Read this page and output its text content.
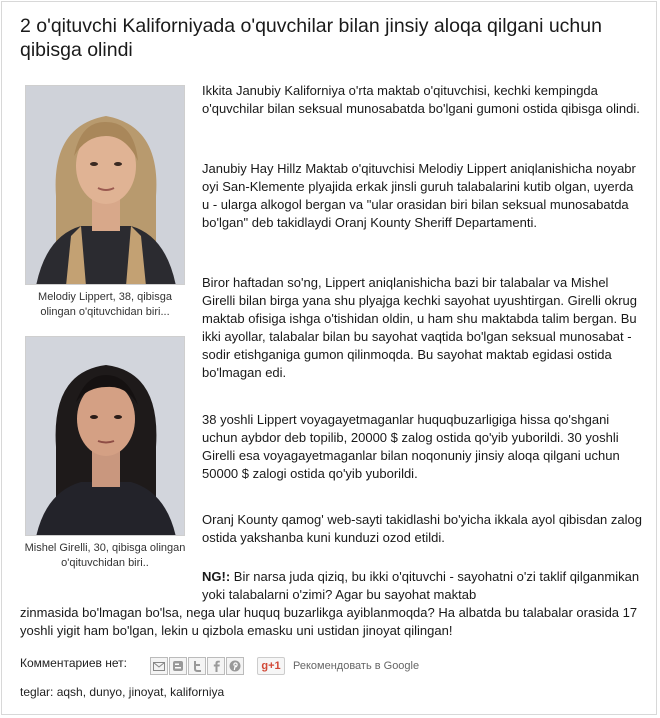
2 o'qituvchi Kaliforniyada o'quvchilar bilan jinsiy aloqa qilgani uchun qibisga olindi
Melodiy Lippert, 38, qibisga olingan o'qituvchidan biri...
Mishel Girelli, 30, qibisga olingan o'qituvchidan biri..

Ikkita Janubiy Kaliforniya o'rta maktab o'qituvchisi, kechki kempingda o'quvchilar bilan seksual munosabatda bo'lgani gumoni ostida qibisga olindi.

Janubiy Hay Hillz Maktab o'qituvchisi Melodiy Lippert aniqlanishicha noyabr oyi San-Klemente plyajida erkak jinsli guruh talabalarini kutib olgan, uyerda u - ularga alkogol bergan va "ular orasidan biri bilan seksual munosabatda bo'lgan" deb takidlaydi Oranj Kounty Sheriff Departamenti.

Biror haftadan so'ng, Lippert aniqlanishicha bazi bir talabalar va Mishel Girelli bilan birga yana shu plyajga kechki sayohat uyushtirgan. Girelli okrug maktab ofisiga ishga o'tishidan oldin, u ham shu maktabda talim bergan. Bu ikki ayollar, talabalar bilan bu sayohat vaqtida bo'lgan seksual munosabat - sodir etishganiga gumon qilinmoqda. Bu sayohat maktab egidasi ostida bo'lmagan edi.

38 yoshli Lippert voyagayetmaganlar huquqbuzarligiga hissa qo'shgani uchun aybdor deb topilib, 20000 $ zalog ostida qo'yib yuborildi. 30 yoshli Girelli esa voyagayetmaganlar bilan noqonuniy jinsiy aloqa qilgani uchun 50000 $ zalogi ostida qo'yib yuborildi.

Oranj Kounty qamog' web-sayti takidlashi bo'yicha ikkala ayol qibisdan zalog ostida yakshanba kuni kunduzi ozod etildi.

NG!: Bir narsa juda qiziq, bu ikki o'qituvchi - sayohatni o'zi taklif qilganmikan yoki talabalarni o'zimi? Agar bu sayohat maktab
zinmasida bo'lmagan bo'lsa, nega ular huquq buzarlikga ayiblanmoqda? Ha albatda bu talabalar orasida 17 yoshli yigit ham bo'lgan, lekin u qizbola emasku uni ustidan jinoyat qilingan!
Комментариев нет:	g+1	Рекомендовать в Google
teglar: aqsh, dunyo, jinoyat, kaliforniya
